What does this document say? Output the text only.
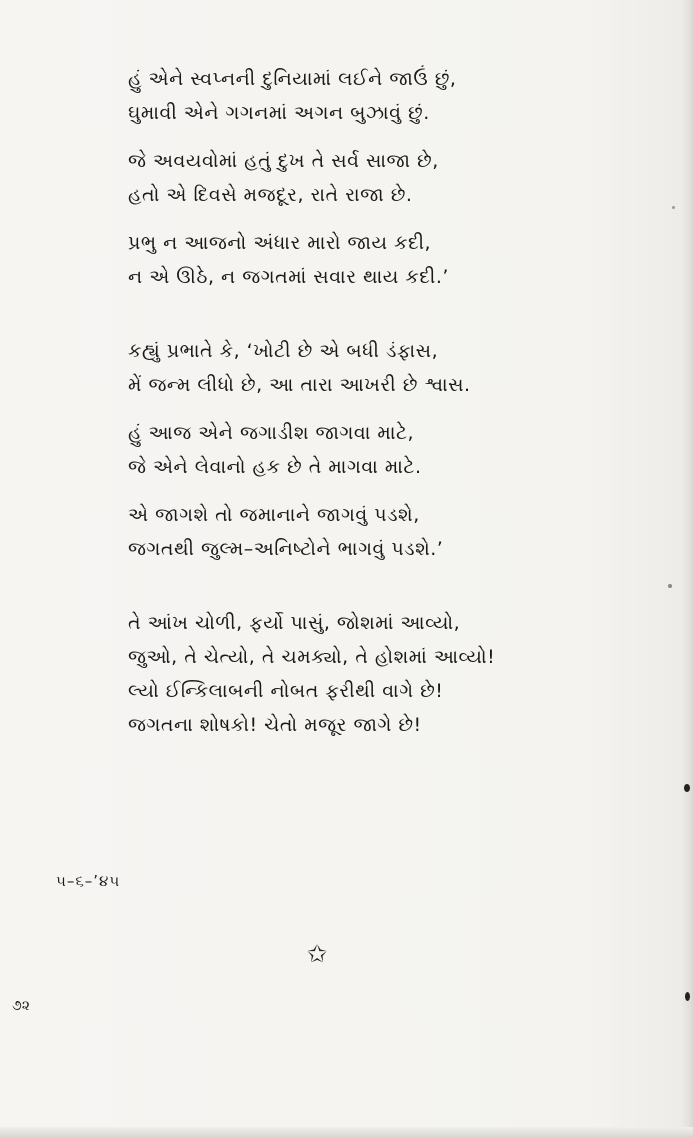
હું એને સ્વપ્નની દુનિયામાં લઈને જાઉં છું,
ઘુમાવી એને ગગનમાં અગન બુઝાવું છું.
જે અવયવોમાં હતું દુખ તે સર્વ સાજા છે,
હતો એ દિવસે મજદૂર, રાતે રાજા છે.
પ્રભુ ન આજનો અંધાર મારો જાય કદી,
ન એ ઊઠે, ન જગતમાં સવાર થાય કદી.’
કહ્યું પ્રભાતે કે, ‘ખોટી છે એ બધી ડંફાસ,
મેં જન્મ લીધો છે, આ તારા આખરી છે શ્વાસ.
હું આજ એને જગાડીશ જાગવા માટે,
જે એને લેવાનો હક છે તે માગવા માટે.
એ જાગશે તો જમાનાને જાગવું પડશે,
જગતથી જુલ્મ–અનિષ્ટોને ભાગવું પડશે.’
તે આંખ ચોળી, ફર્યો પાસું, જોશમાં આવ્યો,
જુઓ, તે ચેત્યો, તે ચમક્યો, તે હોશમાં આવ્યો!
લ્યો ઈન્કિલાબની નોબત ફરીથી વાગે છે!
જગતના શોષકો! ચેતો મજૂર જાગે છે!
૫–૬–’૪૫
✩
૭૨
